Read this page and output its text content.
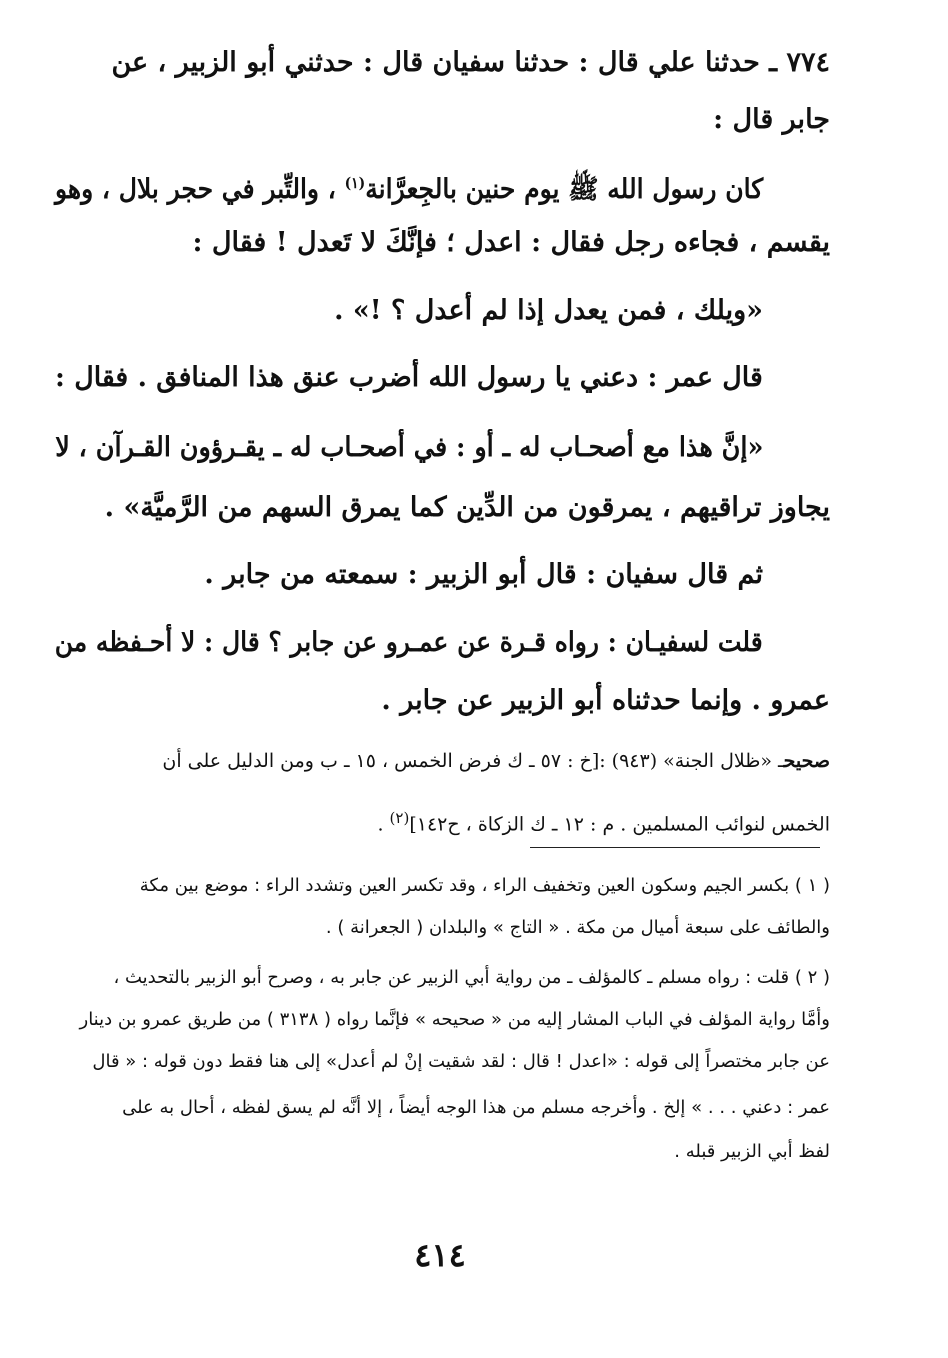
٧٧٤ ـ حدثنا علي قال : حدثنا سفيان قال : حدثني أبو الزبير ، عن
جابر قال :
كان رسول الله ﷺ يوم حنين بالجِعرَّانة$^{(١)}$ ، والتِّبر في حجر بلال ، وهو
يقسم ، فجاءه رجل فقال : اعدل ؛ فإنَّكَ لا تَعدل ! فقال :
«ويلك ، فمن يعدل إذا لم أعدل ؟ !» .
قال عمر : دعني يا رسول الله أضرب عنق هذا المنافق . فقال :
«إنَّ هذا مع أصحـاب له ـ أو : في أصحـاب له ـ يقـرؤون القـرآن ، لا
يجاوز تراقيهم ، يمرقون من الدِّين كما يمرق السهم من الرَّميَّة» .
ثم قال سفيان : قال أبو الزبير : سمعته من جابر .
قلت لسفيـان : رواه قـرة عن عمـرو عن جابر ؟ قال : لا أحـفظه من
عمرو . وإنما حدثناه أبو الزبير عن جابر .
صحيحـ «ظلال الجنة» (٩٤٣) :[خ : ٥٧ ـ ك فرض الخمس ، ١٥ ـ ب ومن الدليل على أن
الخمس لنوائب المسلمين . م : ١٢ ـ ك الزكاة ، ح١٤٢]$^{(٢)}$ .
( ١ ) بكسر الجيم وسكون العين وتخفيف الراء ، وقد تكسر العين وتشدد الراء : موضع بين مكة
والطائف على سبعة أميال من مكة . « التاج » والبلدان ( الجعرانة ) .
( ٢ ) قلت : رواه مسلم ـ كالمؤلف ـ من رواية أبي الزبير عن جابر به ، وصرح أبو الزبير بالتحديث ،
وأمَّا رواية المؤلف في الباب المشار إليه من « صحيحه » فإنَّما رواه ( ٣١٣٨ ) من طريق عمرو بن دينار
عن جابر مختصراً إلى قوله : «اعدل ! قال : لقد شقيت إنْ لم أعدل» إلى هنا فقط دون قوله : « قال
عمر : دعني . . . » إلخ . وأخرجه مسلم من هذا الوجه أيضاً ، إلا أنَّه لم يسق لفظه ، أحال به على
لفظ أبي الزبير قبله .
٤١٤
